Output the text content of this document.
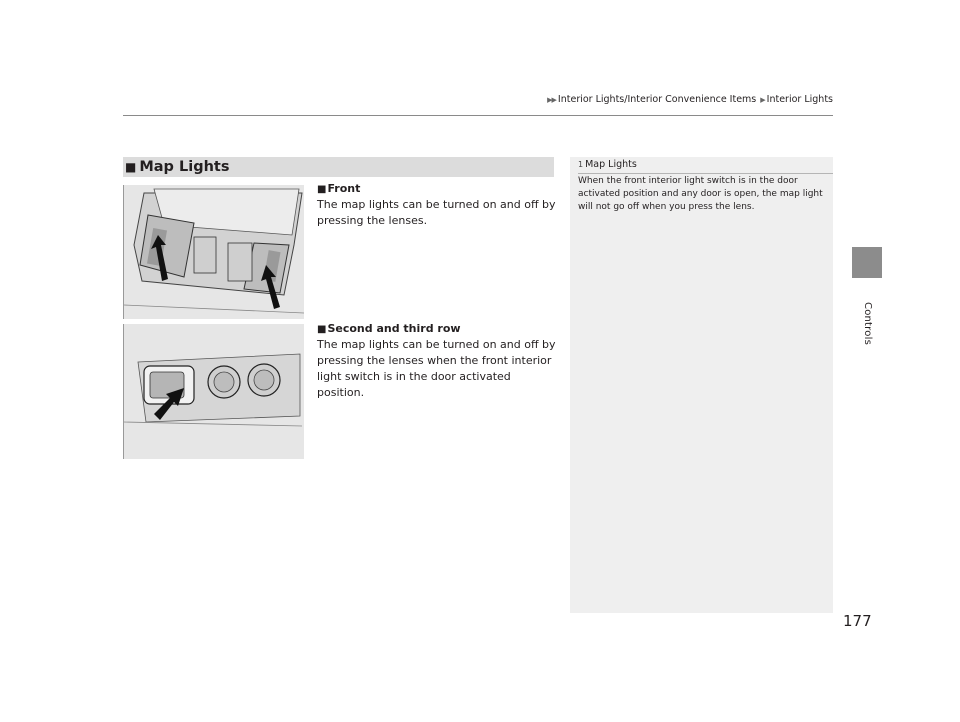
▶▶ Interior Lights/Interior Convenience Items ▶ Interior Lights
Controls
■ Map Lights
■Front
The map lights can be turned on and off by pressing the lenses.
■Second and third row
The map lights can be turned on and off by pressing the lenses when the front interior light switch is in the door activated position.
1 Map Lights
When the front interior light switch is in the door activated position and any door is open, the map light will not go off when you press the lens.
177
